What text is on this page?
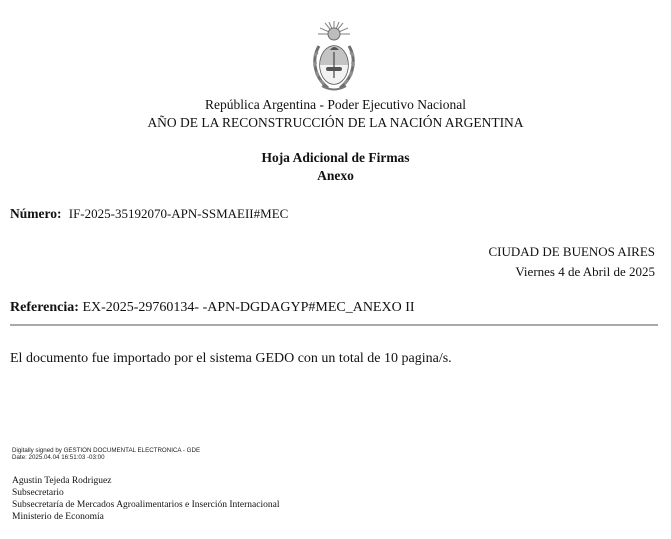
República Argentina - Poder Ejecutivo Nacional
AÑO DE LA RECONSTRUCCIÓN DE LA NACIÓN ARGENTINA
Hoja Adicional de Firmas
Anexo
Número: IF-2025-35192070-APN-SSMAEII#MEC
CIUDAD DE BUENOS AIRES
Viernes 4 de Abril de 2025
Referencia: EX-2025-29760134- -APN-DGDAGYP#MEC_ANEXO II
El documento fue importado por el sistema GEDO con un total de 10 pagina/s.
Digitally signed by GESTION DOCUMENTAL ELECTRONICA - GDE
Date: 2025.04.04 16:51:03 -03:00
Agustin Tejeda Rodriguez
Subsecretario
Subsecretaría de Mercados Agroalimentarios e Inserción Internacional
Ministerio de Economía
